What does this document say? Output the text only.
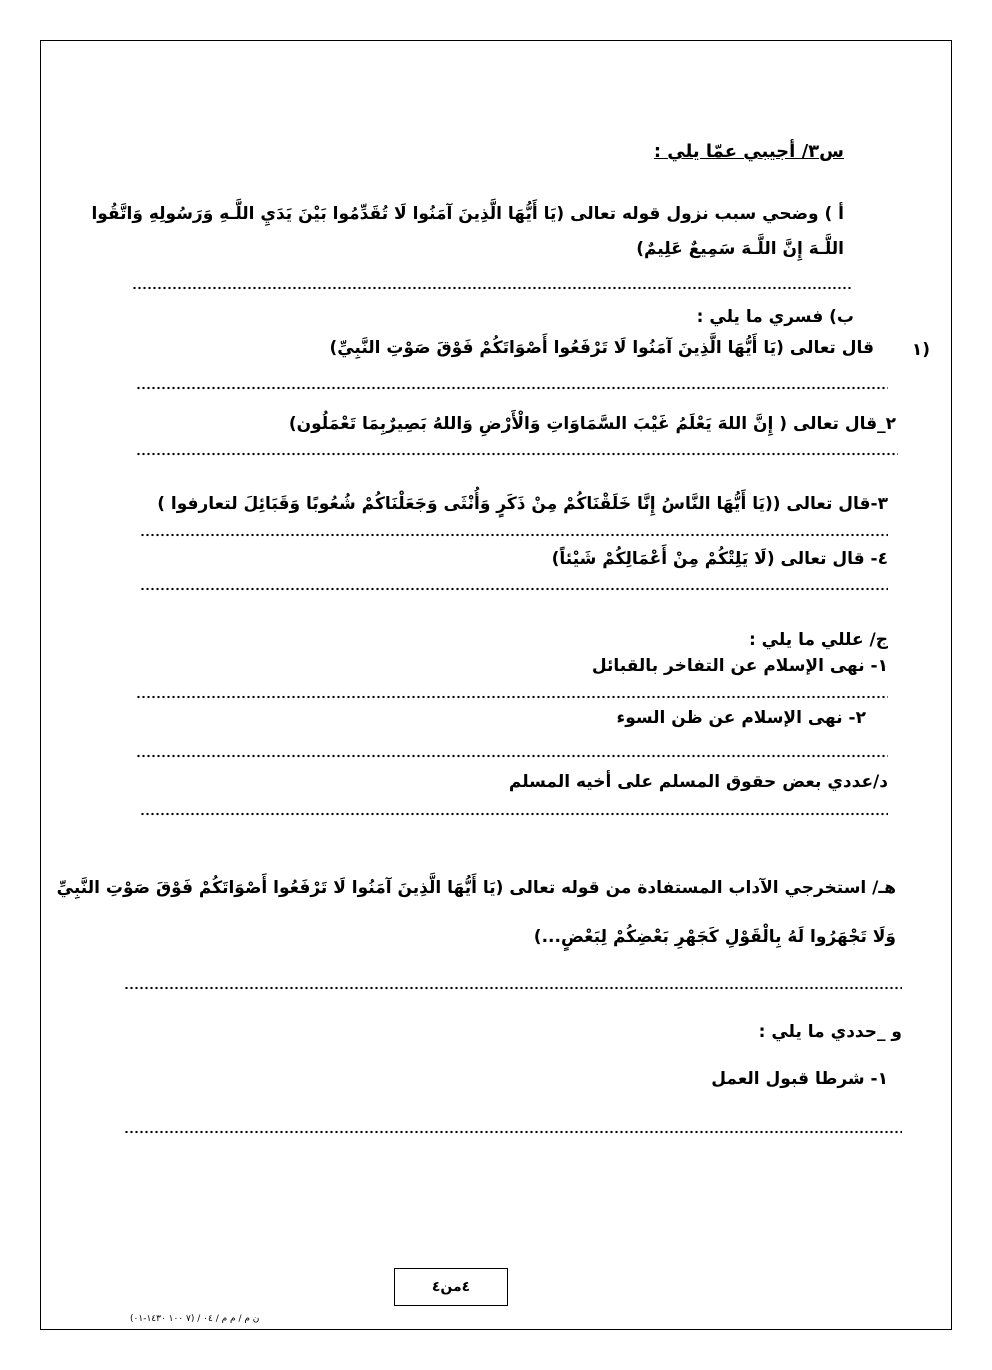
س٣/ أجيبي عمّا يلي :
أ ) وضحي سبب نزول قوله تعالى (يَا أَيُّهَا الَّذِينَ آمَنُوا لَا تُقَدِّمُوا بَيْنَ يَدَيِ اللَّـهِ وَرَسُولِهِ وَاتَّقُوا
اللَّـهَ إِنَّ اللَّـهَ سَمِيعٌ عَلِيمٌ)
ب) فسري ما يلي :
١)
قال تعالى (يَا أَيُّهَا الَّذِينَ آمَنُوا لَا تَرْفَعُوا أَصْوَاتَكُمْ فَوْقَ صَوْتِ النَّبِيِّ)
٢_قال تعالى ( إِنَّ اللهَ يَعْلَمُ غَيْبَ السَّمَاوَاتِ وَالْأَرْضِ وَاللهُ بَصِيرٌبِمَا تَعْمَلُون)
٣-قال تعالى ((يَا أَيُّهَا النَّاسُ إِنَّا خَلَقْنَاكُمْ مِنْ ذَكَرٍ وَأُنْثَى وَجَعَلْنَاكُمْ شُعُوبًا وَقَبَائِلَ لتعارفوا )
٤- قال تعالى (لَا يَلِتْكُمْ مِنْ أَعْمَالِكُمْ شَيْئاً)
ج/ عللي ما يلي :
١- نهى الإسلام عن التفاخر بالقبائل
٢- نهى الإسلام عن ظن السوء
د/عددي بعض حقوق المسلم على أخيه المسلم
هـ/ استخرجي الآداب المستفادة من قوله تعالى (يَا أَيُّهَا الَّذِينَ آمَنُوا لَا تَرْفَعُوا أَصْوَاتَكُمْ فَوْقَ صَوْتِ النَّبِيِّ
وَلَا تَجْهَرُوا لَهُ بِالْقَوْلِ كَجَهْرِ بَعْضِكُمْ لِبَعْضٍ...)
و _حددي ما يلي :
١- شرطا قبول العمل
٤من٤
ن م / م م / ٠٤ / (٧ ١٠٠ ١٤٣٠-٠١)
